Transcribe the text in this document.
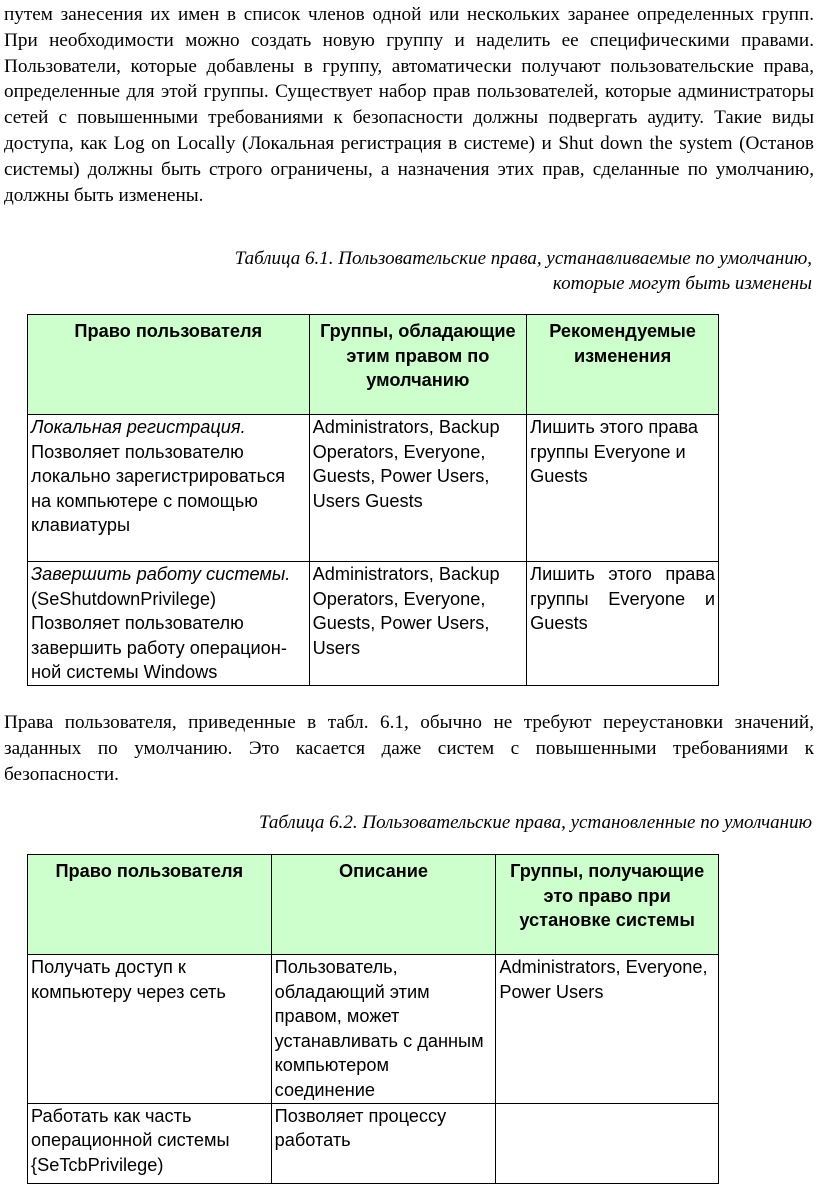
путем занесения их имен в список членов одной или нескольких заранее определенных групп. При необходимости можно создать новую группу и наделить ее специфическими правами. Пользователи, которые добавлены в группу, автоматически получают пользовательские права, определенные для этой группы. Существует набор прав пользователей, которые администраторы сетей с повышенными требованиями к безопасности должны подвергать аудиту. Такие виды доступа, как Log on Locally (Локальная регистрация в системе) и Shut down the system (Останов системы) должны быть строго ограничены, а назначения этих прав, сделанные по умолчанию, должны быть изменены.

Таблица 6.1. Пользовательские права, устанавливаемые по умолчанию,

которые могут быть изменены

Право пользователя	Группы, обладающие этим правом по умолчанию	Рекомендуемые изменения
Локальная регистрация. Позволяет пользователю локально зарегистрироваться на компьютере с помощью клавиатуры	Administrators, Backup Operators, Everyone, Guests, Power Users, Users Guests	Лишить этого права группы Everyone и Guests
Завершить работу системы. (SeShutdownPrivilege) Позволяет пользователю завершить работу операцион-ной системы Windows	Administrators, Backup Operators, Everyone, Guests, Power Users, Users	Лишить этого права группы Everyone и Guests

Права пользователя, приведенные в табл. 6.1, обычно не требуют переустановки значений, заданных по умолчанию. Это касается даже систем с повышенными требованиями к безопасности.

Таблица 6.2. Пользовательские права, установленные по умолчанию

Право пользователя	Описание	Группы, получающие это право при установке системы
Получать доступ к компьютеру через сеть	Пользователь, обладающий этим правом, может устанавливать с данным компьютером соединение	Administrators, Everyone, Power Users
Работать как часть операционной системы {SeTcbPrivilege)	Позволяет процессу работать	
